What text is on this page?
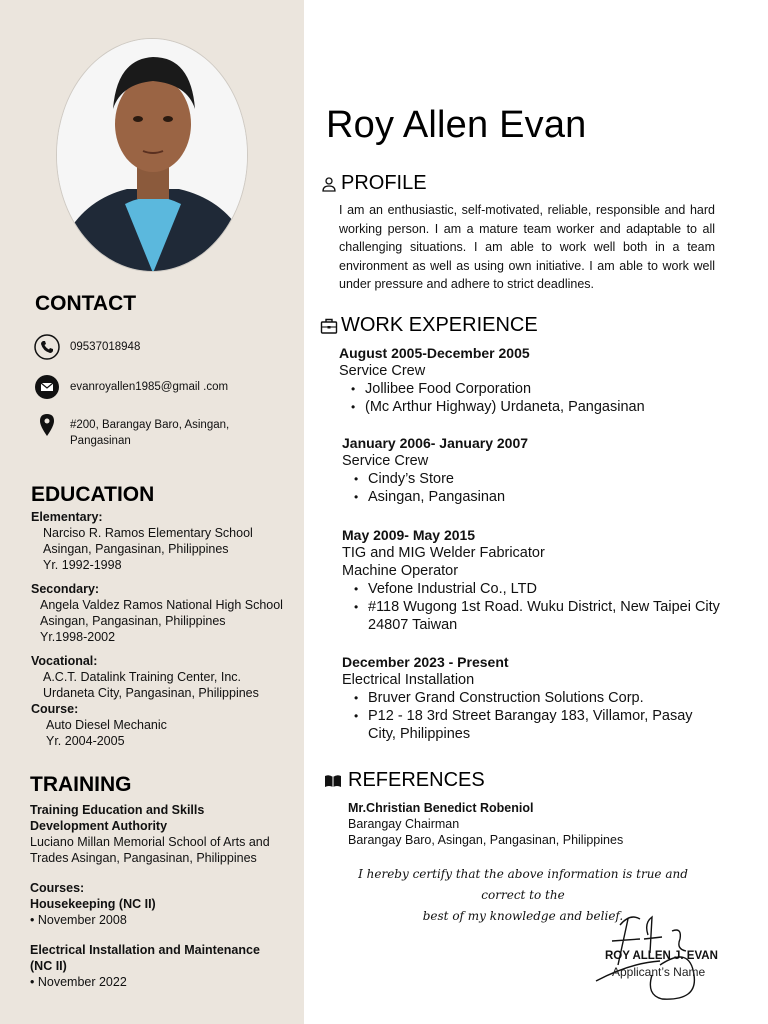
CONTACT
09537018948
evanroyallen1985@gmail .com
#200, Barangay Baro, Asingan,
Pangasinan
EDUCATION
Elementary:
Narciso R. Ramos Elementary School
Asingan, Pangasinan, Philippines
Yr. 1992-1998
Secondary:
Angela Valdez Ramos National High School
Asingan, Pangasinan, Philippines
Yr.1998-2002
Vocational:
A.C.T. Datalink Training Center, Inc.
Urdaneta City, Pangasinan, Philippines
Course:
Auto Diesel Mechanic
Yr. 2004-2005
TRAINING
Training Education and Skills
Development Authority
Luciano Millan Memorial School of Arts and
Trades Asingan, Pangasinan, Philippines
Courses:
Housekeeping (NC II)
• November 2008
Electrical Installation and Maintenance
(NC II)
• November 2022
Roy Allen Evan
PROFILE
I am an enthusiastic, self-motivated, reliable, responsible and hard working person. I am a mature team worker and adaptable to all challenging situations. I am able to work well both in a team environment as well as using own initiative. I am able to work well under pressure and adhere to strict deadlines.
WORK EXPERIENCE
August 2005-December 2005
Service Crew
• Jollibee Food Corporation
• (Mc Arthur Highway) Urdaneta, Pangasinan
January 2006- January 2007
Service Crew
• Cindy’s Store
• Asingan, Pangasinan
May 2009- May 2015
TIG and MIG Welder Fabricator
Machine Operator
• Vefone Industrial Co., LTD
• #118 Wugong 1st Road. Wuku District, New Taipei City 24807 Taiwan
December 2023 - Present
Electrical Installation
• Bruver Grand Construction Solutions Corp.
• P12 - 18 3rd Street Barangay 183, Villamor, Pasay City, Philippines
REFERENCES
Mr.Christian Benedict Robeniol
Barangay Chairman
Barangay Baro, Asingan, Pangasinan, Philippines
I hereby certify that the above information is true and correct to the
best of my knowledge and belief.
ROY ALLEN J. EVAN
Applicant’s Name
